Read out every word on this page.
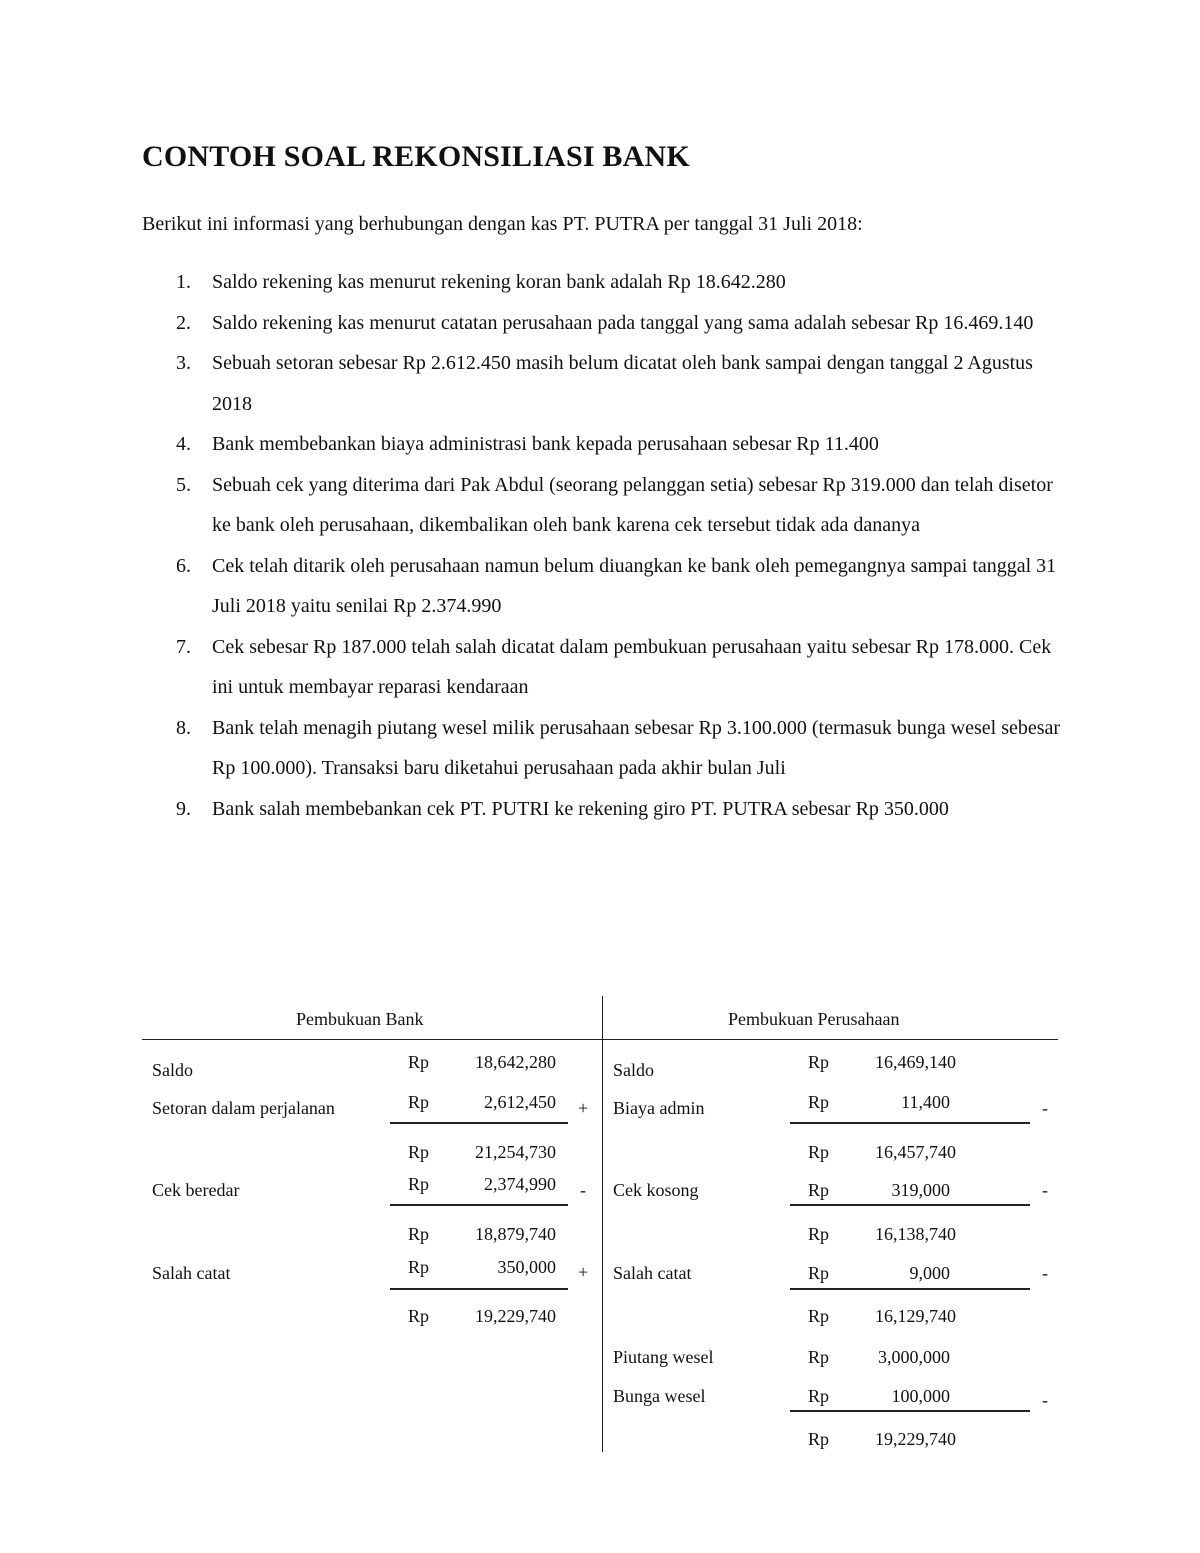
CONTOH SOAL REKONSILIASI BANK

Berikut ini informasi yang berhubungan dengan kas PT. PUTRA per tanggal 31 Juli 2018:

1. Saldo rekening kas menurut rekening koran bank adalah Rp 18.642.280
2. Saldo rekening kas menurut catatan perusahaan pada tanggal yang sama adalah sebesar Rp 16.469.140
3. Sebuah setoran sebesar Rp 2.612.450 masih belum dicatat oleh bank sampai dengan tanggal 2 Agustus 2018
4. Bank membebankan biaya administrasi bank kepada perusahaan sebesar Rp 11.400
5. Sebuah cek yang diterima dari Pak Abdul (seorang pelanggan setia) sebesar Rp 319.000 dan telah disetor ke bank oleh perusahaan, dikembalikan oleh bank karena cek tersebut tidak ada dananya
6. Cek telah ditarik oleh perusahaan namun belum diuangkan ke bank oleh pemegangnya sampai tanggal 31 Juli 2018 yaitu senilai Rp 2.374.990
7. Cek sebesar Rp 187.000 telah salah dicatat dalam pembukuan perusahaan yaitu sebesar Rp 178.000. Cek ini untuk membayar reparasi kendaraan
8. Bank telah menagih piutang wesel milik perusahaan sebesar Rp 3.100.000 (termasuk bunga wesel sebesar Rp 100.000). Transaksi baru diketahui perusahaan pada akhir bulan Juli
9. Bank salah membebankan cek PT. PUTRI ke rekening giro PT. PUTRA sebesar Rp 350.000
Pembukuan Bank	Pembukuan Perusahaan
Saldo	Rp	18,642,280
Setoran dalam perjalanan	Rp	2,612,450 +
Rp	21,254,730
Cek beredar	Rp	2,374,990 -
Rp	18,879,740
Salah catat	Rp	350,000 +
Rp	19,229,740
Saldo	Rp	16,469,140
Biaya admin	Rp	11,400	-
Rp	16,457,740
Cek kosong	Rp	319,000	-
Rp	16,138,740
Salah catat	Rp	9,000	-
Rp	16,129,740
Piutang wesel	Rp	3,000,000
Bunga wesel	Rp	100,000	-
Rp	19,229,740
